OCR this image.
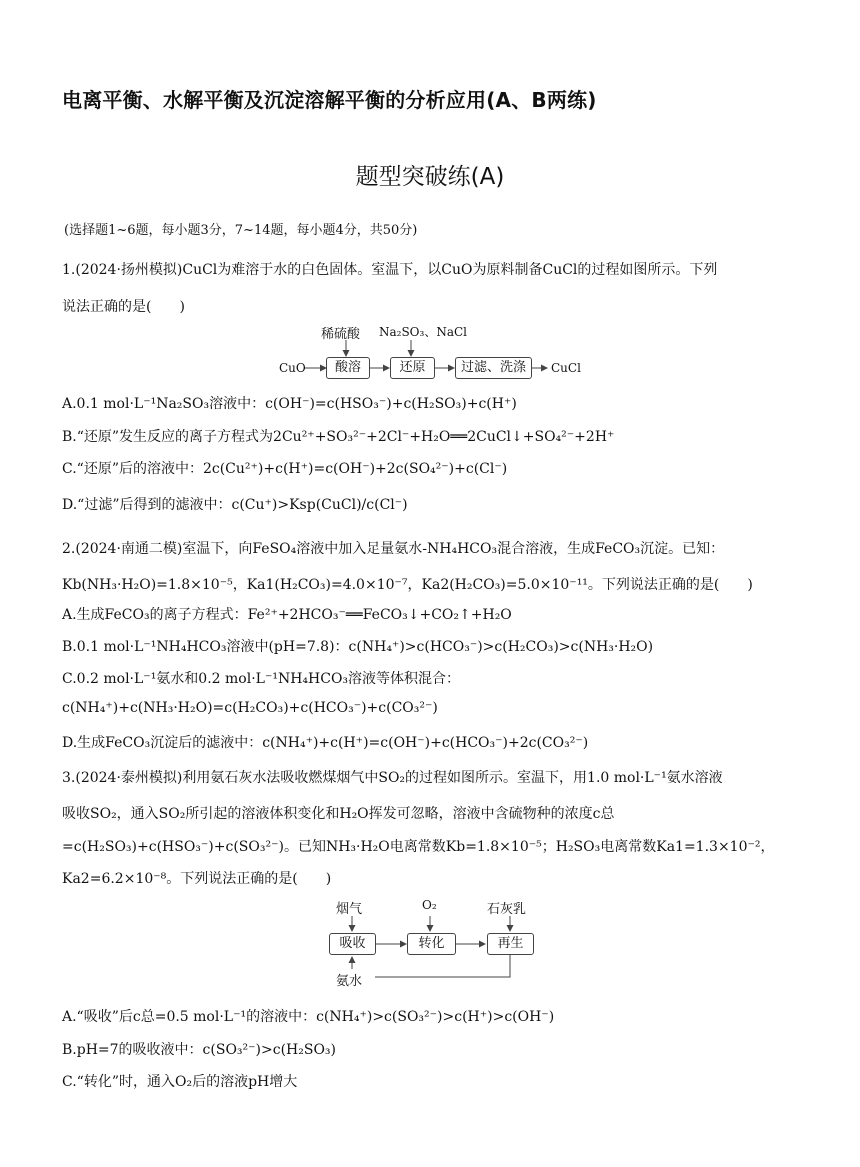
电离平衡、水解平衡及沉淀溶解平衡的分析应用(A、B两练)
题型突破练(A)
(选择题1~6题，每小题3分，7~14题，每小题4分，共50分)
1.(2024·扬州模拟)CuCl为难溶于水的白色固体。室温下，以CuO为原料制备CuCl的过程如图所示。下列
说法正确的是(　　)
CuO
稀硫酸 Na₂SO₃、NaCl
酸溶	还原	过滤、洗涤	CuCl
A.0.1 mol·L⁻¹Na₂SO₃溶液中：c(OH⁻)=c(HSO₃⁻)+c(H₂SO₃)+c(H⁺)
B.“还原”发生反应的离子方程式为2Cu²⁺+SO₃²⁻+2Cl⁻+H₂O══2CuCl↓+SO₄²⁻+2H⁺
C.“还原”后的溶液中：2c(Cu²⁺)+c(H⁺)=c(OH⁻)+2c(SO₄²⁻)+c(Cl⁻)
D.“过滤”后得到的滤液中：c(Cu⁺)>Ksp(CuCl)/c(Cl⁻)
2.(2024·南通二模)室温下，向FeSO₄溶液中加入足量氨水-NH₄HCO₃混合溶液，生成FeCO₃沉淀。已知：
Kb(NH₃·H₂O)=1.8×10⁻⁵，Ka1(H₂CO₃)=4.0×10⁻⁷，Ka2(H₂CO₃)=5.0×10⁻¹¹。下列说法正确的是(　　)
A.生成FeCO₃的离子方程式：Fe²⁺+2HCO₃⁻══FeCO₃↓+CO₂↑+H₂O
B.0.1 mol·L⁻¹NH₄HCO₃溶液中(pH=7.8)：c(NH₄⁺)>c(HCO₃⁻)>c(H₂CO₃)>c(NH₃·H₂O)
C.0.2 mol·L⁻¹氨水和0.2 mol·L⁻¹NH₄HCO₃溶液等体积混合：
c(NH₄⁺)+c(NH₃·H₂O)=c(H₂CO₃)+c(HCO₃⁻)+c(CO₃²⁻)
D.生成FeCO₃沉淀后的滤液中：c(NH₄⁺)+c(H⁺)=c(OH⁻)+c(HCO₃⁻)+2c(CO₃²⁻)
3.(2024·泰州模拟)利用氨石灰水法吸收燃煤烟气中SO₂的过程如图所示。室温下，用1.0 mol·L⁻¹氨水溶液
吸收SO₂，通入SO₂所引起的溶液体积变化和H₂O挥发可忽略，溶液中含硫物种的浓度c总
=c(H₂SO₃)+c(HSO₃⁻)+c(SO₃²⁻)。已知NH₃·H₂O电离常数Kb=1.8×10⁻⁵；H₂SO₃电离常数Ka1=1.3×10⁻²，
Ka2=6.2×10⁻⁸。下列说法正确的是(　　)
烟气	O₂	石灰乳
吸收	转化	再生
氨水
A.“吸收”后c总=0.5 mol·L⁻¹的溶液中：c(NH₄⁺)>c(SO₃²⁻)>c(H⁺)>c(OH⁻)
B.pH=7的吸收液中：c(SO₃²⁻)>c(H₂SO₃)
C.“转化”时，通入O₂后的溶液pH增大
